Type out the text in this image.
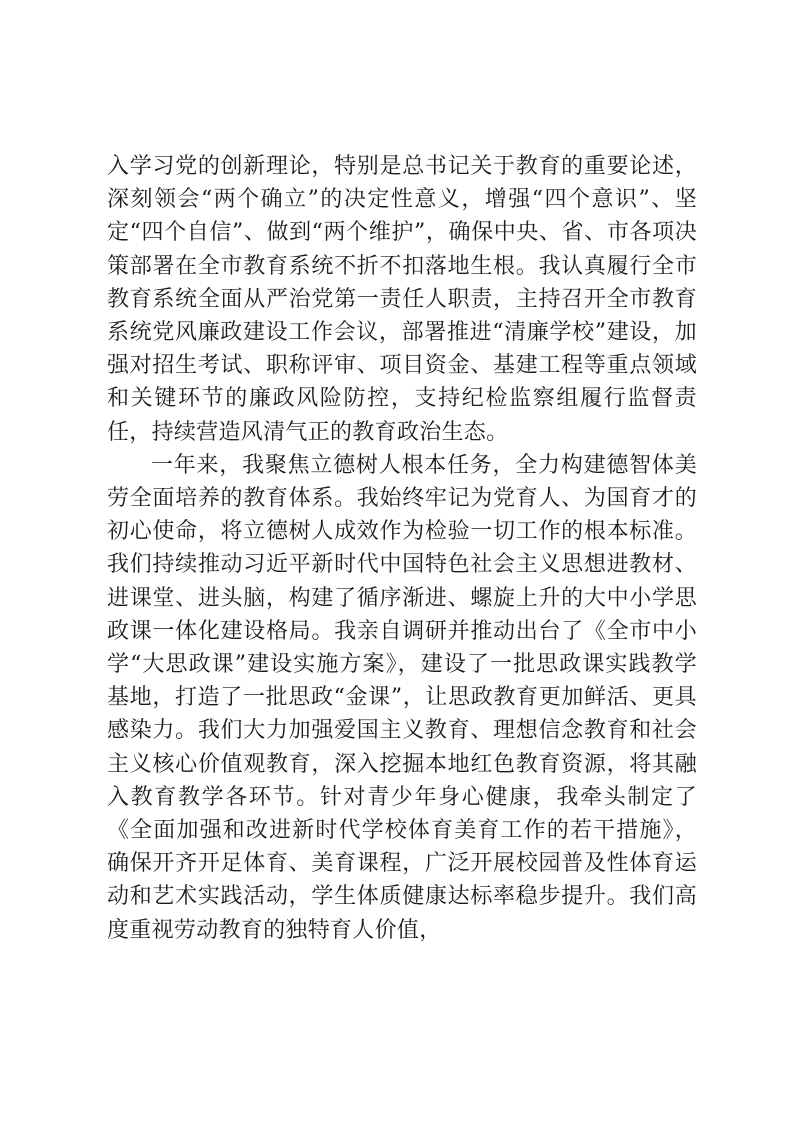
入学习党的创新理论，特别是总书记关于教育的重要论述，深刻领会“两个确立”的决定性意义，增强“四个意识”、坚定“四个自信”、做到“两个维护”，确保中央、省、市各项决策部署在全市教育系统不折不扣落地生根。我认真履行全市教育系统全面从严治党第一责任人职责，主持召开全市教育系统党风廉政建设工作会议，部署推进“清廉学校”建设，加强对招生考试、职称评审、项目资金、基建工程等重点领域和关键环节的廉政风险防控，支持纪检监察组履行监督责任，持续营造风清气正的教育政治生态。

一年来，我聚焦立德树人根本任务，全力构建德智体美劳全面培养的教育体系。我始终牢记为党育人、为国育才的初心使命，将立德树人成效作为检验一切工作的根本标准。我们持续推动习近平新时代中国特色社会主义思想进教材、进课堂、进头脑，构建了循序渐进、螺旋上升的大中小学思政课一体化建设格局。我亲自调研并推动出台了《全市中小学“大思政课”建设实施方案》，建设了一批思政课实践教学基地，打造了一批思政“金课”，让思政教育更加鲜活、更具感染力。我们大力加强爱国主义教育、理想信念教育和社会主义核心价值观教育，深入挖掘本地红色教育资源，将其融入教育教学各环节。针对青少年身心健康，我牵头制定了《全面加强和改进新时代学校体育美育工作的若干措施》，确保开齐开足体育、美育课程，广泛开展校园普及性体育运动和艺术实践活动，学生体质健康达标率稳步提升。我们高度重视劳动教育的独特育人价值，
